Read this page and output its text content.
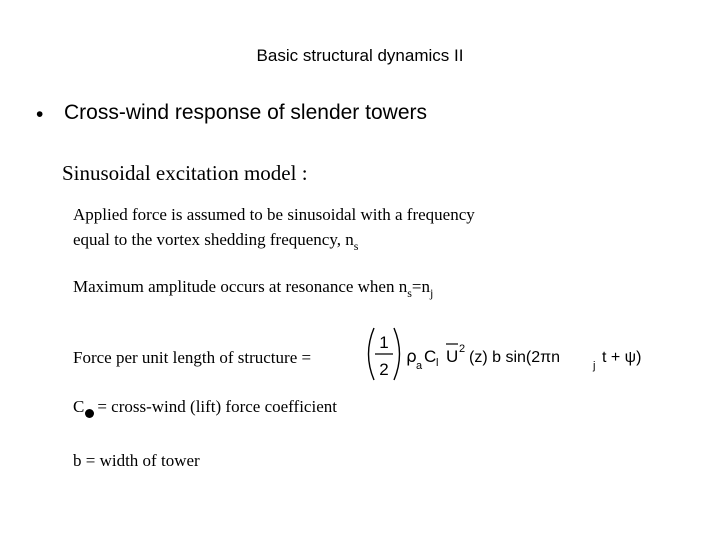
Basic structural dynamics II
• Cross-wind response of slender towers
Sinusoidal excitation model :
Applied force is assumed to be sinusoidal with a frequency
equal to the vortex shedding frequency, $n_s$
Maximum amplitude occurs at resonance when $n_s=n_j$
Force per unit length of structure =
1
2
ρ a C l U 2 (z) b sin(2πn	j t + ψ)
C = cross-wind (lift) force coefficient
b = width of tower
